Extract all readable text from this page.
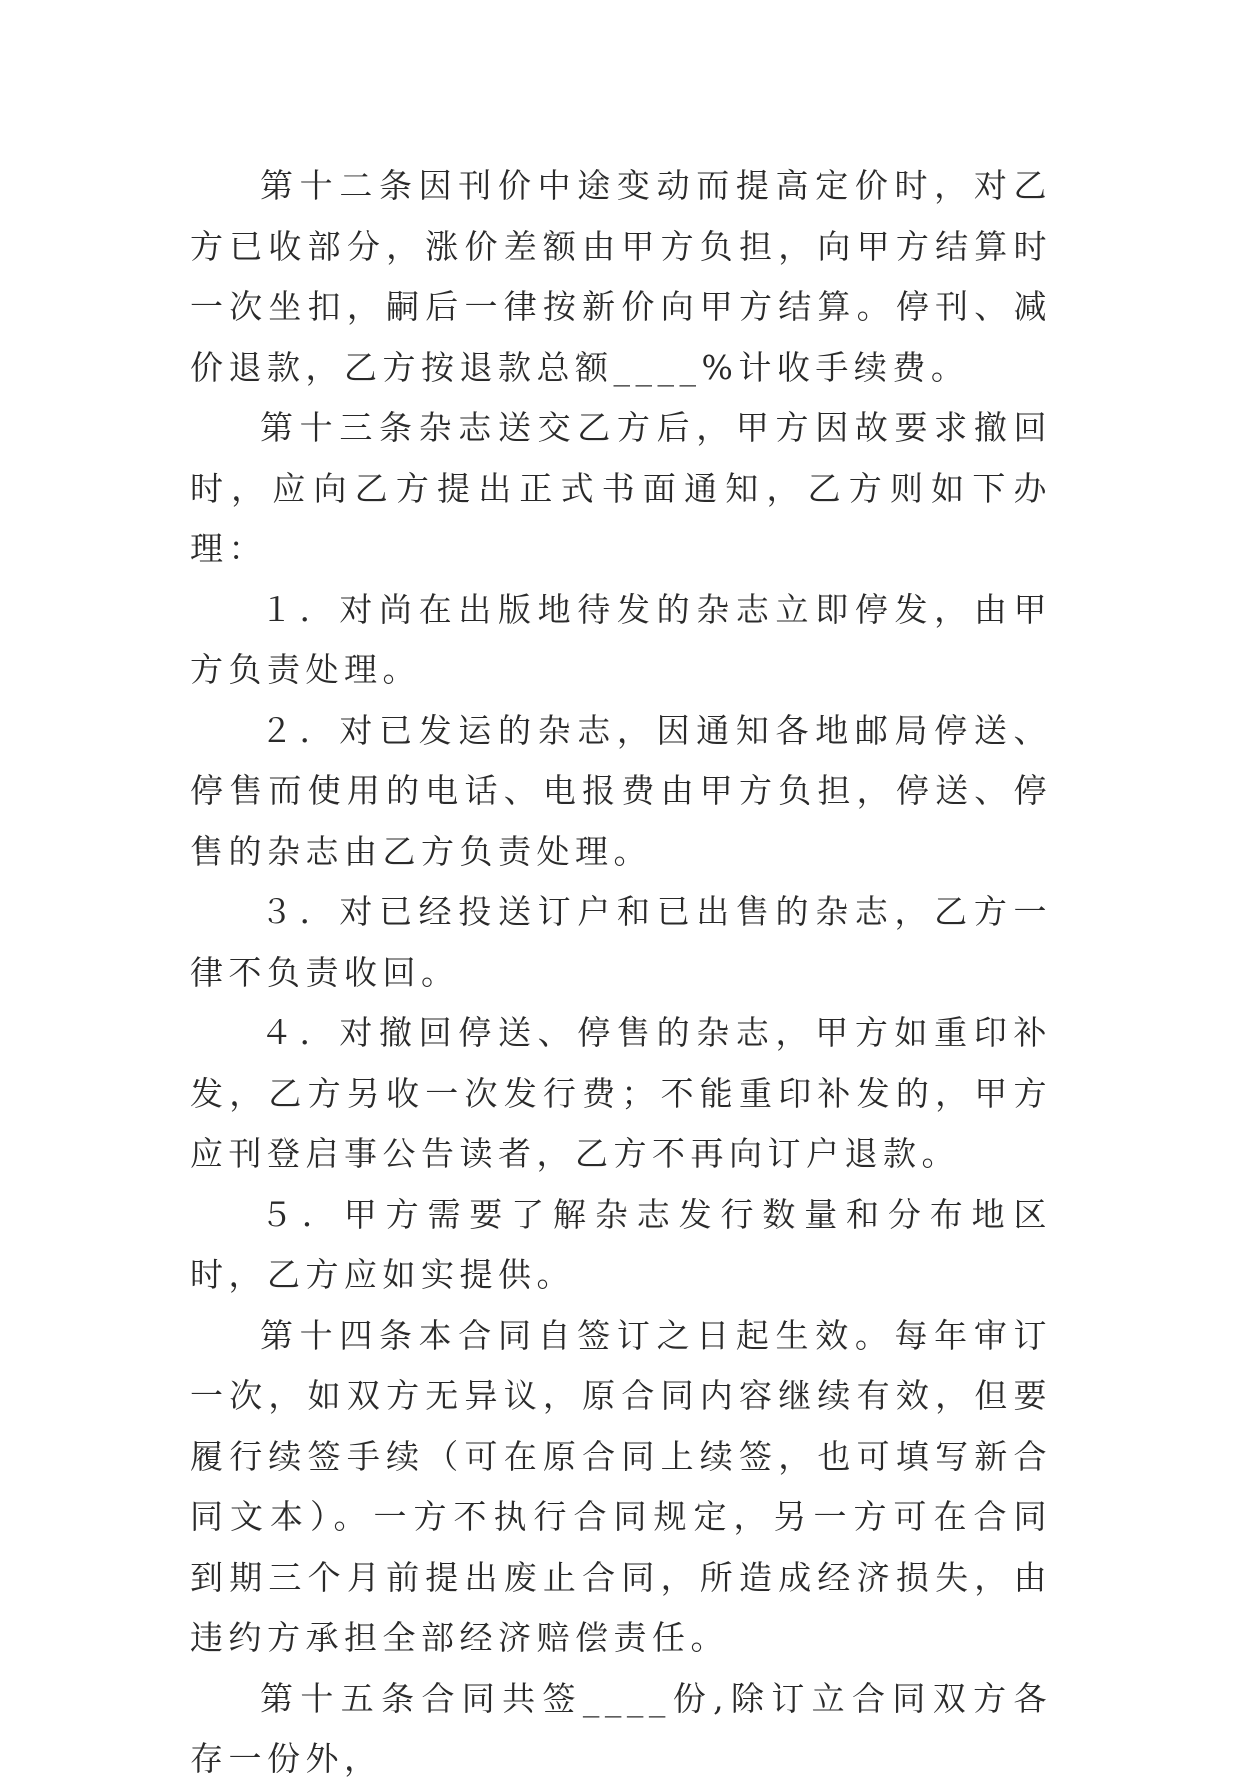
第十二条因刊价中途变动而提高定价时，对乙方已收部分，涨价差额由甲方负担，向甲方结算时一次坐扣，嗣后一律按新价向甲方结算。停刊、减价退款，乙方按退款总额____%计收手续费。

第十三条杂志送交乙方后，甲方因故要求撤回时，应向乙方提出正式书面通知，乙方则如下办理：

１．对尚在出版地待发的杂志立即停发，由甲方负责处理。

２．对已发运的杂志，因通知各地邮局停送、停售而使用的电话、电报费由甲方负担，停送、停售的杂志由乙方负责处理。

３．对已经投送订户和已出售的杂志，乙方一律不负责收回。

４．对撤回停送、停售的杂志，甲方如重印补发，乙方另收一次发行费；不能重印补发的，甲方应刊登启事公告读者，乙方不再向订户退款。

５．甲方需要了解杂志发行数量和分布地区时，乙方应如实提供。

第十四条本合同自签订之日起生效。每年审订一次，如双方无异议，原合同内容继续有效，但要履行续签手续（可在原合同上续签，也可填写新合同文本）。一方不执行合同规定，另一方可在合同到期三个月前提出废止合同，所造成经济损失，由违约方承担全部经济赔偿责任。

第十五条合同共签____份,除订立合同双方各存一份外，
